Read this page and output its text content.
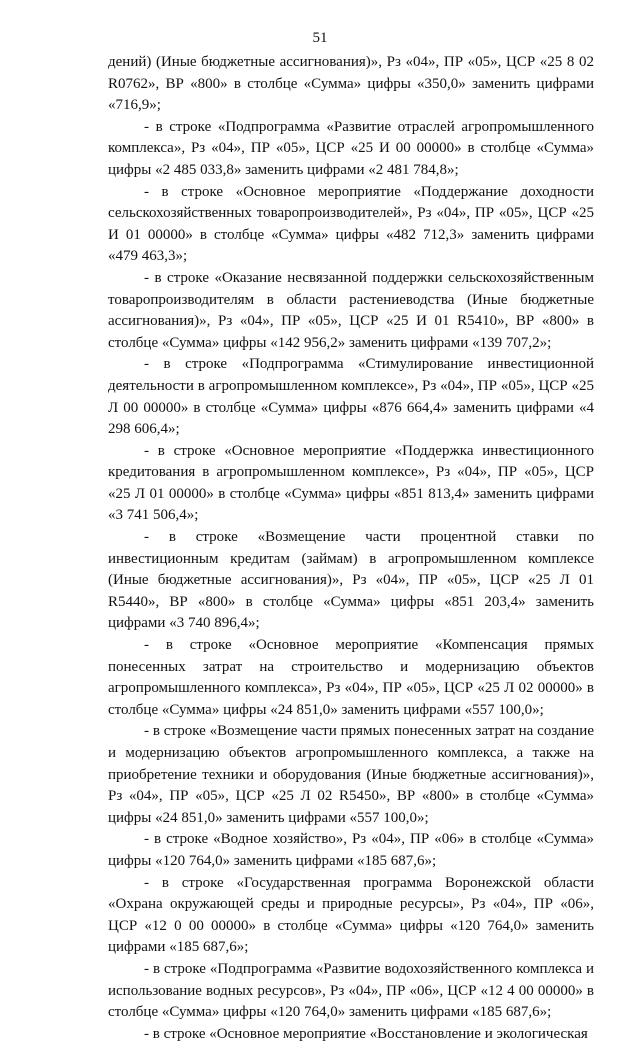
51

дений) (Иные бюджетные ассигнования)», Рз «04», ПР «05», ЦСР «25 8 02 R0762», ВР «800» в столбце «Сумма» цифры «350,0» заменить цифрами «716,9»;

- в строке «Подпрограмма «Развитие отраслей агропромышленного комплекса», Рз «04», ПР «05», ЦСР «25 И 00 00000» в столбце «Сумма» цифры «2 485 033,8» заменить цифрами «2 481 784,8»;

- в строке «Основное мероприятие «Поддержание доходности сельскохозяйственных товаропроизводителей», Рз «04», ПР «05», ЦСР «25 И 01 00000» в столбце «Сумма» цифры «482 712,3» заменить цифрами «479 463,3»;

- в строке «Оказание несвязанной поддержки сельскохозяйственным товаропроизводителям в области растениеводства (Иные бюджетные ассигнования)», Рз «04», ПР «05», ЦСР «25 И 01 R5410», ВР «800» в столбце «Сумма» цифры «142 956,2» заменить цифрами «139 707,2»;

- в строке «Подпрограмма «Стимулирование инвестиционной деятельности в агропромышленном комплексе», Рз «04», ПР «05», ЦСР «25 Л 00 00000» в столбце «Сумма» цифры «876 664,4» заменить цифрами «4 298 606,4»;

- в строке «Основное мероприятие «Поддержка инвестиционного кредитования в агропромышленном комплексе», Рз «04», ПР «05», ЦСР «25 Л 01 00000» в столбце «Сумма» цифры «851 813,4» заменить цифрами «3 741 506,4»;

- в строке «Возмещение части процентной ставки по инвестиционным кредитам (займам) в агропромышленном комплексе (Иные бюджетные ассигнования)», Рз «04», ПР «05», ЦСР «25 Л 01 R5440», ВР «800» в столбце «Сумма» цифры «851 203,4» заменить цифрами «3 740 896,4»;

- в строке «Основное мероприятие «Компенсация прямых понесенных затрат на строительство и модернизацию объектов агропромышленного комплекса», Рз «04», ПР «05», ЦСР «25 Л 02 00000» в столбце «Сумма» цифры «24 851,0» заменить цифрами «557 100,0»;

- в строке «Возмещение части прямых понесенных затрат на создание и модернизацию объектов агропромышленного комплекса, а также на приобретение техники и оборудования (Иные бюджетные ассигнования)», Рз «04», ПР «05», ЦСР «25 Л 02 R5450», ВР «800» в столбце «Сумма» цифры «24 851,0» заменить цифрами «557 100,0»;

- в строке «Водное хозяйство», Рз «04», ПР «06» в столбце «Сумма» цифры «120 764,0» заменить цифрами «185 687,6»;

- в строке «Государственная программа Воронежской области «Охрана окружающей среды и природные ресурсы», Рз «04», ПР «06», ЦСР «12 0 00 00000» в столбце «Сумма» цифры «120 764,0» заменить цифрами «185 687,6»;

- в строке «Подпрограмма «Развитие водохозяйственного комплекса и использование водных ресурсов», Рз «04», ПР «06», ЦСР «12 4 00 00000» в столбце «Сумма» цифры «120 764,0» заменить цифрами «185 687,6»;

- в строке «Основное мероприятие «Восстановление и экологическая
